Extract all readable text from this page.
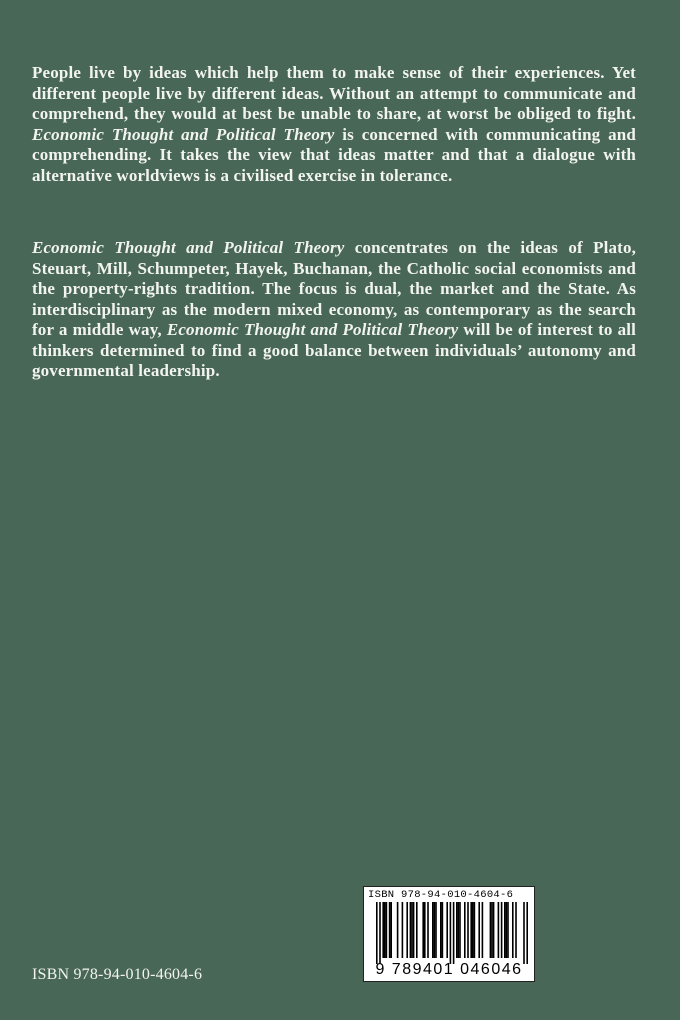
People live by ideas which help them to make sense of their experiences. Yet different people live by different ideas. Without an attempt to communicate and comprehend, they would at best be unable to share, at worst be obliged to fight. Economic Thought and Political Theory is concerned with communicating and comprehending. It takes the view that ideas matter and that a dialogue with alternative worldviews is a civilised exercise in tolerance.
Economic Thought and Political Theory concentrates on the ideas of Plato, Steuart, Mill, Schumpeter, Hayek, Buchanan, the Catholic social economists and the property-rights tradition. The focus is dual, the market and the State. As interdisciplinary as the modern mixed economy, as contemporary as the search for a middle way, Economic Thought and Political Theory will be of interest to all thinkers determined to find a good balance between individuals’ autonomy and governmental leadership.
ISBN 978-94-010-4604-6
ISBN 978-94-010-4604-6
9 789401 046046
